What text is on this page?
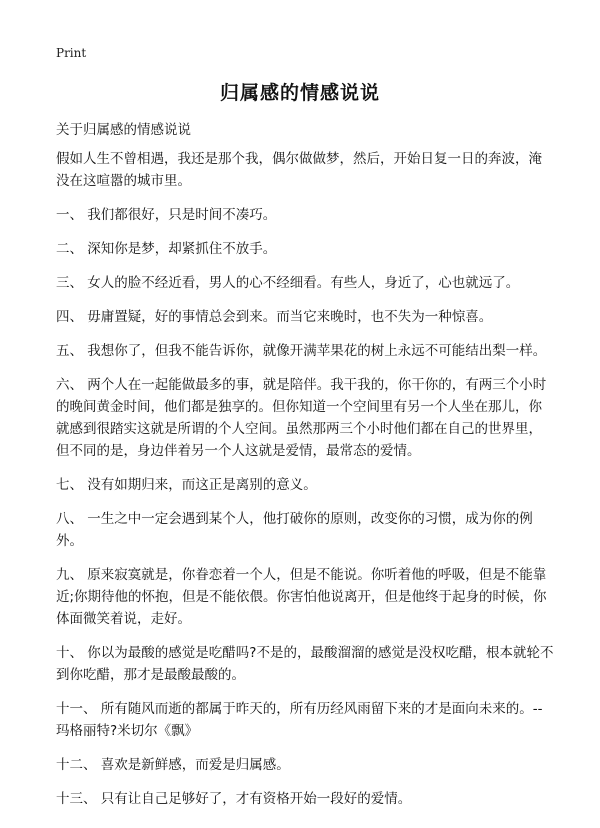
Print
归属感的情感说说
关于归属感的情感说说

假如人生不曾相遇，我还是那个我，偶尔做做梦，然后，开始日复一日的奔波，淹没在这喧嚣的城市里。

一、 我们都很好，只是时间不凑巧。

二、 深知你是梦，却紧抓住不放手。

三、 女人的脸不经近看，男人的心不经细看。有些人，身近了，心也就远了。

四、 毋庸置疑，好的事情总会到来。而当它来晚时，也不失为一种惊喜。

五、 我想你了，但我不能告诉你，就像开满苹果花的树上永远不可能结出梨一样。

六、 两个人在一起能做最多的事，就是陪伴。我干我的，你干你的，有两三个小时的晚间黄金时间，他们都是独享的。但你知道一个空间里有另一个人坐在那儿，你就感到很踏实这就是所谓的个人空间。虽然那两三个小时他们都在自己的世界里，但不同的是，身边伴着另一个人这就是爱情，最常态的爱情。

七、 没有如期归来，而这正是离别的意义。

八、 一生之中一定会遇到某个人，他打破你的原则，改变你的习惯，成为你的例外。

九、 原来寂寞就是，你眷恋着一个人，但是不能说。你听着他的呼吸，但是不能靠近;你期待他的怀抱，但是不能依偎。你害怕他说离开，但是他终于起身的时候，你体面微笑着说，走好。

十、 你以为最酸的感觉是吃醋吗?不是的，最酸溜溜的感觉是没权吃醋，根本就轮不到你吃醋，那才是最酸最酸的。

十一、 所有随风而逝的都属于昨天的，所有历经风雨留下来的才是面向未来的。--玛格丽特?米切尔《飘》

十二、 喜欢是新鲜感，而爱是归属感。

十三、 只有让自己足够好了，才有资格开始一段好的爱情。
